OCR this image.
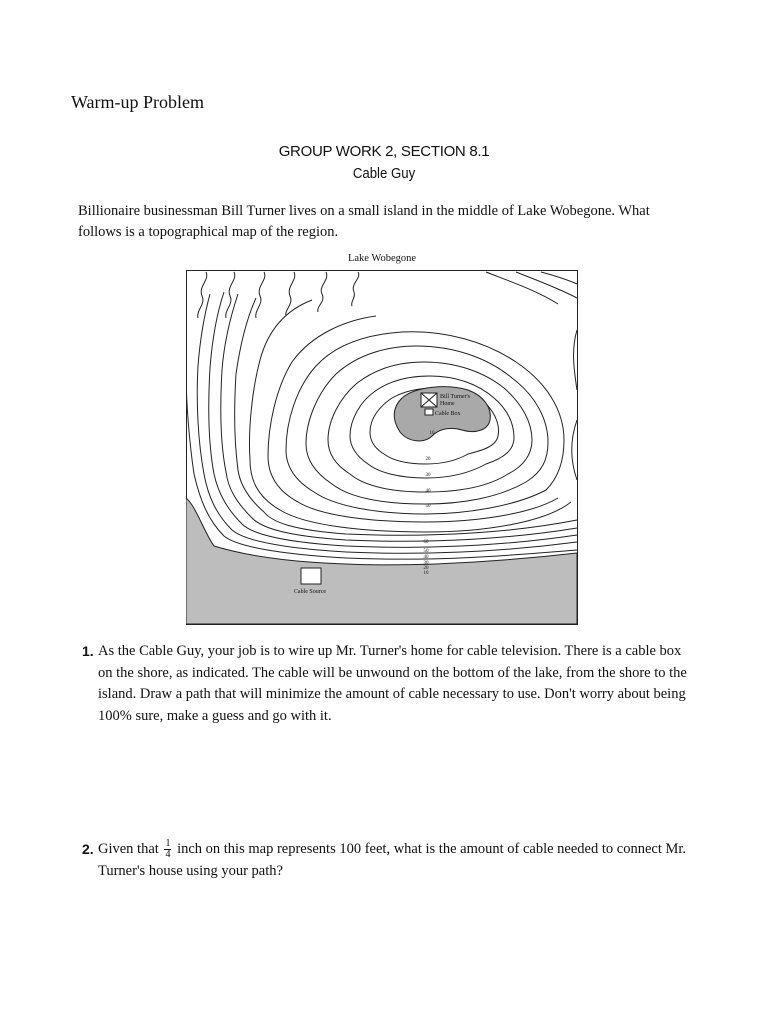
Warm-up Problem
GROUP WORK 2, SECTION 8.1
Cable Guy
Billionaire businessman Bill Turner lives on a small island in the middle of Lake Wobegone. What follows is a topographical map of the region.
Lake Wobegone
Bill Turner's
Home
Cable Box
10
20
30
40
50
60
50
40
30
20
10
Cable Source
1. As the Cable Guy, your job is to wire up Mr. Turner's home for cable television. There is a cable box on the shore, as indicated. The cable will be unwound on the bottom of the lake, from the shore to the island. Draw a path that will minimize the amount of cable necessary to use. Don't worry about being 100% sure, make a guess and go with it.
2. Given that $\frac{1}{4}$ inch on this map represents 100 feet, what is the amount of cable needed to connect Mr. Turner's house using your path?
